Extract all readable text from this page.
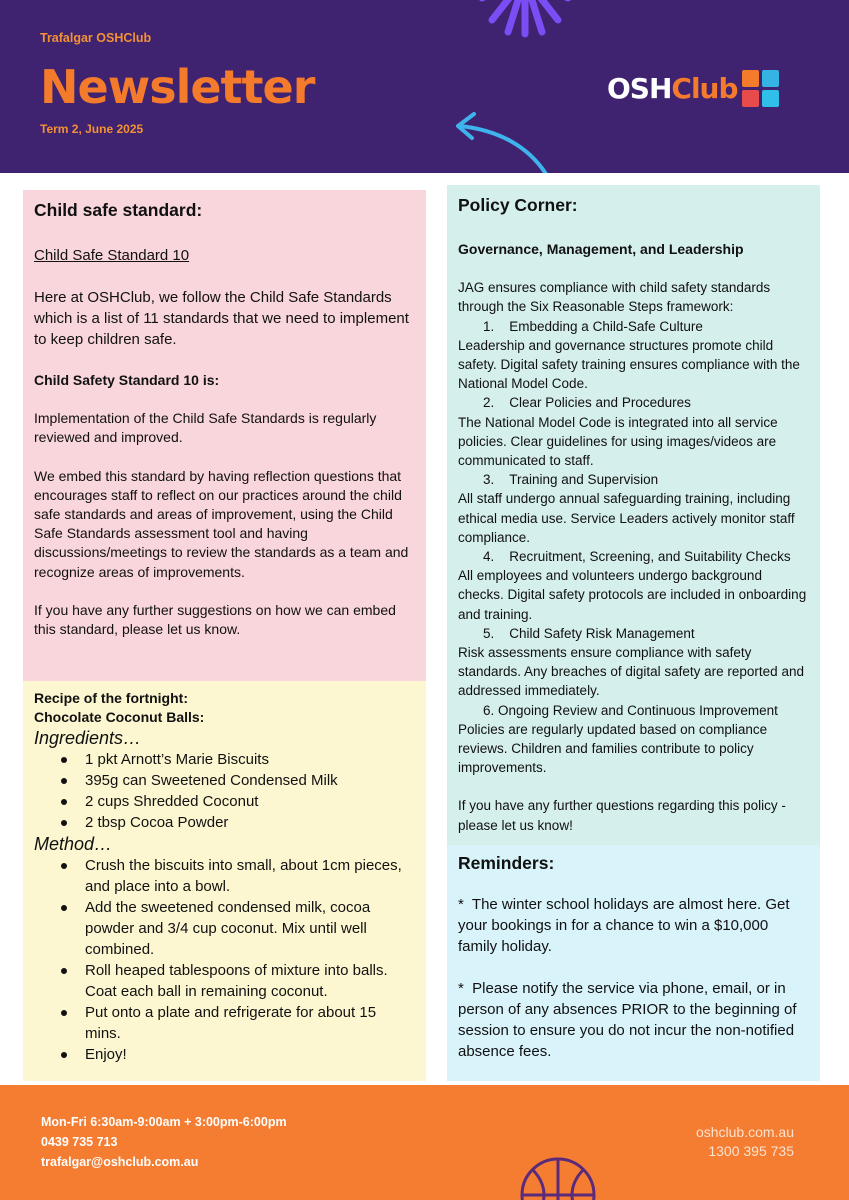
Trafalgar OSHClub
Newsletter
Term 2, June 2025
OSHClub
Child safe standard:
Child Safe Standard 10
Here at OSHClub, we follow the Child Safe Standards which is a list of 11 standards that we need to implement to keep children safe.
Child Safety Standard 10 is:
Implementation of the Child Safe Standards is regularly reviewed and improved.
We embed this standard by having reflection questions that encourages staff to reflect on our practices around the child safe standards and areas of improvement, using the Child Safe Standards assessment tool and having discussions/meetings to review the standards as a team and recognize areas of improvements.
If you have any further suggestions on how we can embed this standard, please let us know.
Recipe of the fortnight:
Chocolate Coconut Balls:
Ingredients…
1 pkt Arnott’s Marie Biscuits
395g can Sweetened Condensed Milk
2 cups Shredded Coconut
2 tbsp Cocoa Powder
Method…
Crush the biscuits into small, about 1cm pieces, and place into a bowl.
Add the sweetened condensed milk, cocoa powder and 3/4 cup coconut. Mix until well combined.
Roll heaped tablespoons of mixture into balls. Coat each ball in remaining coconut.
Put onto a plate and refrigerate for about 15 mins.
Enjoy!
Policy Corner:
Governance, Management, and Leadership
JAG ensures compliance with child safety standards through the Six Reasonable Steps framework:
1.    Embedding a Child-Safe Culture
Leadership and governance structures promote child safety. Digital safety training ensures compliance with the National Model Code.
2.    Clear Policies and Procedures
The National Model Code is integrated into all service policies. Clear guidelines for using images/videos are communicated to staff.
3.    Training and Supervision
All staff undergo annual safeguarding training, including ethical media use. Service Leaders actively monitor staff compliance.
4.    Recruitment, Screening, and Suitability Checks
All employees and volunteers undergo background checks. Digital safety protocols are included in onboarding and training.
5.    Child Safety Risk Management
Risk assessments ensure compliance with safety standards. Any breaches of digital safety are reported and addressed immediately.
6. Ongoing Review and Continuous Improvement
Policies are regularly updated based on compliance reviews. Children and families contribute to policy improvements.
If you have any further questions regarding this policy - please let us know!
Reminders:
*  The winter school holidays are almost here. Get your bookings in for a chance to win a $10,000 family holiday.
*  Please notify the service via phone, email, or in person of any absences PRIOR to the beginning of session to ensure you do not incur the non-notified absence fees.
Mon-Fri 6:30am-9:00am + 3:00pm-6:00pm
0439 735 713
trafalgar@oshclub.com.au
oshclub.com.au
1300 395 735
